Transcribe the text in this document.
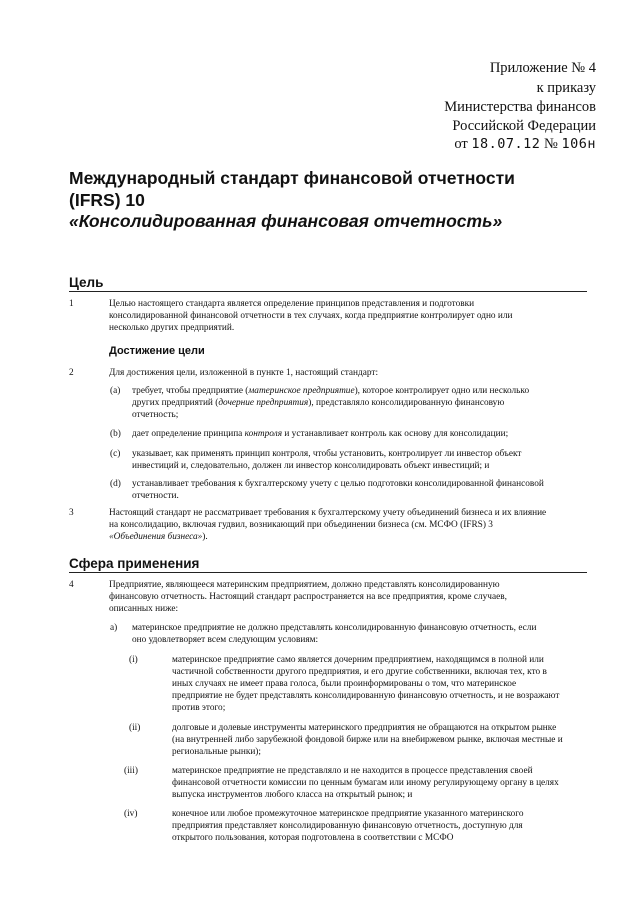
Приложение № 4
к приказу
Министерства финансов
Российской Федерации
от 18.07.12 № 106н
Международный стандарт финансовой отчетности
(IFRS) 10
«Консолидированная финансовая отчетность»
Цель
1	Целью настоящего стандарта является определение принципов представления и подготовки
консолидированной финансовой отчетности в тех случаях, когда предприятие контролирует одно или
несколько других предприятий.
Достижение цели
2	Для достижения цели, изложенной в пункте 1, настоящий стандарт:
(a) требует, чтобы предприятие (материнское предприятие), которое контролирует одно или несколько
других предприятий (дочерние предприятия), представляло консолидированную финансовую
отчетность;
(b) дает определение принципа контроля и устанавливает контроль как основу для консолидации;
(c) указывает, как применять принцип контроля, чтобы установить, контролирует ли инвестор объект
инвестиций и, следовательно, должен ли инвестор консолидировать объект инвестиций; и
(d) устанавливает требования к бухгалтерскому учету с целью подготовки консолидированной финансовой
отчетности.
3	Настоящий стандарт не рассматривает требования к бухгалтерскому учету объединений бизнеса и их влияние
на консолидацию, включая гудвил, возникающий при объединении бизнеса (см. МСФО (IFRS) 3
«Объединения бизнеса»).
Сфера применения
4	Предприятие, являющееся материнским предприятием, должно представлять консолидированную
финансовую отчетность. Настоящий стандарт распространяется на все предприятия, кроме случаев,
описанных ниже:
a) материнское предприятие не должно представлять консолидированную финансовую отчетность, если
оно удовлетворяет всем следующим условиям:
(i)	материнское предприятие само является дочерним предприятием, находящимся в полной или
частичной собственности другого предприятия, и его другие собственники, включая тех, кто в
иных случаях не имеет права голоса, были проинформированы о том, что материнское
предприятие не будет представлять консолидированную финансовую отчетность, и не возражают
против этого;
(ii)	долговые и долевые инструменты материнского предприятия не обращаются на открытом рынке
(на внутренней либо зарубежной фондовой бирже или на внебиржевом рынке, включая местные и
региональные рынки);
(iii)	материнское предприятие не представляло и не находится в процессе представления своей
финансовой отчетности комиссии по ценным бумагам или иному регулирующему органу в целях
выпуска инструментов любого класса на открытый рынок; и
(iv)	конечное или любое промежуточное материнское предприятие указанного материнского
предприятия представляет консолидированную финансовую отчетность, доступную для
открытого пользования, которая подготовлена в соответствии с МСФО
